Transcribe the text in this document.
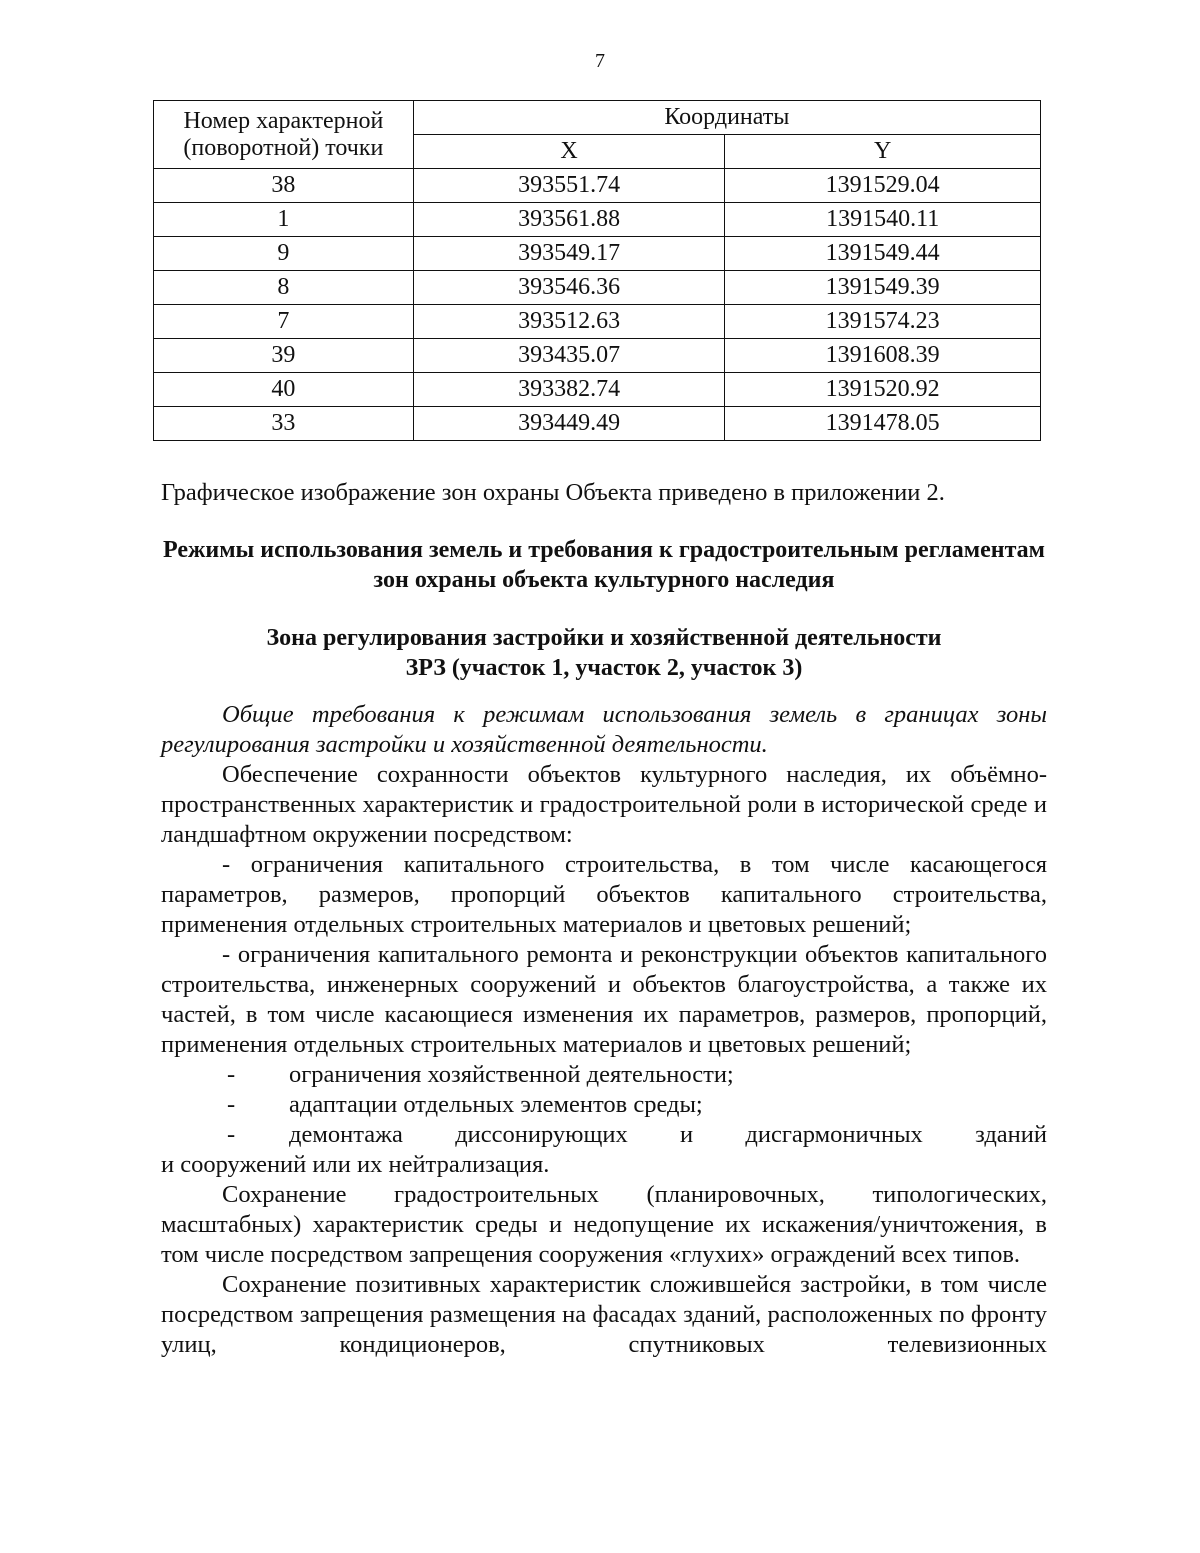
7
Номер характерной (поворотной) точки	Координаты	
	X	Y
38	393551.74	1391529.04
1	393561.88	1391540.11
9	393549.17	1391549.44
8	393546.36	1391549.39
7	393512.63	1391574.23
39	393435.07	1391608.39
40	393382.74	1391520.92
33	393449.49	1391478.05
Графическое изображение зон охраны Объекта приведено в приложении 2.
Режимы использования земель и требования к градостроительным регламентам зон охраны объекта культурного наследия
Зона регулирования застройки и хозяйственной деятельности
ЗРЗ (участок 1, участок 2, участок 3)

Общие требования к режимам использования земель в границах зоны регулирования застройки и хозяйственной деятельности.

Обеспечение сохранности объектов культурного наследия, их объёмно-пространственных характеристик и градостроительной роли в исторической среде и ландшафтном окружении посредством:

- ограничения капитального строительства, в том числе касающегося параметров, размеров, пропорций объектов капитального строительства, применения отдельных строительных материалов и цветовых решений;

- ограничения капитального ремонта и реконструкции объектов капитального строительства, инженерных сооружений и объектов благоустройства, а также их частей, в том числе касающиеся изменения их параметров, размеров, пропорций, применения отдельных строительных материалов и цветовых решений;

-	ограничения хозяйственной деятельности;
-	адаптации отдельных элементов среды;
-	демонтажа диссонирующих и дисгармоничных зданий

и сооружений или их нейтрализация.

Сохранение градостроительных (планировочных, типологических, масштабных) характеристик среды и недопущение их искажения/уничтожения, в том числе посредством запрещения сооружения «глухих» ограждений всех типов.

Сохранение позитивных характеристик сложившейся застройки, в том числе посредством запрещения размещения на фасадах зданий, расположенных по фронту улиц, кондиционеров, спутниковых телевизионных
